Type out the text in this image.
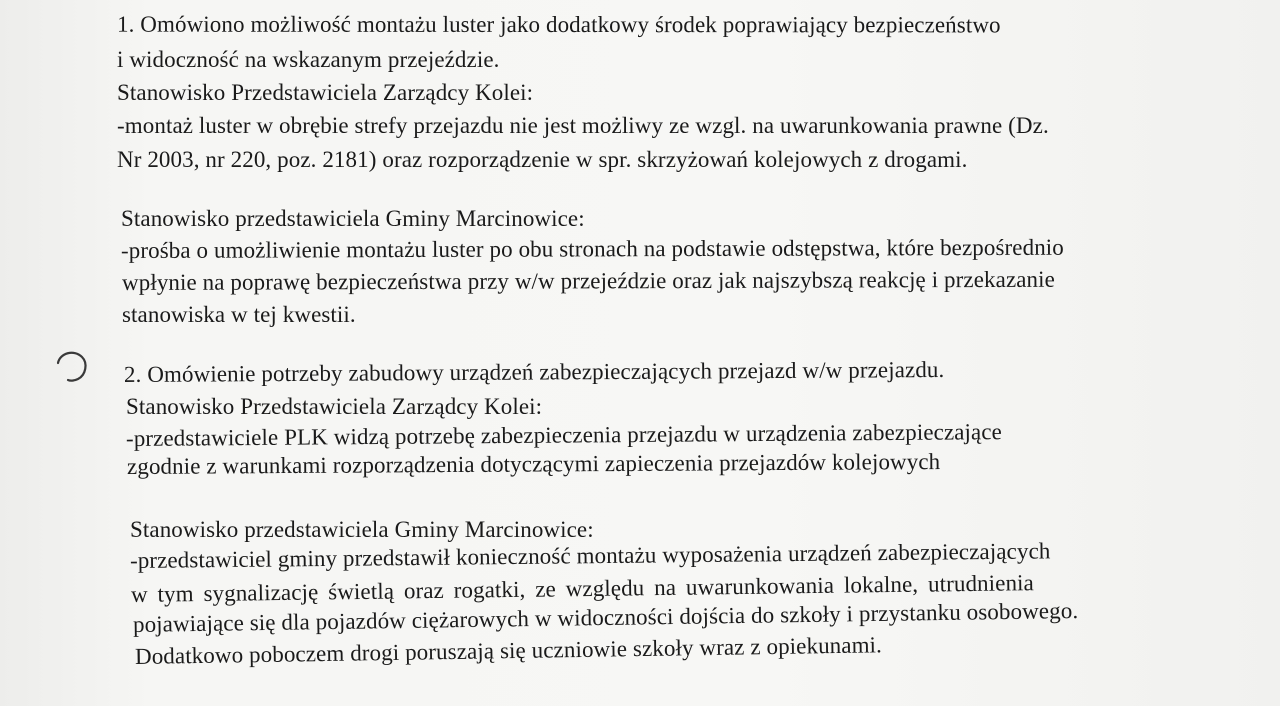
1. Omówiono możliwość montażu luster jako dodatkowy środek poprawiający bezpieczeństwo
i widoczność na wskazanym przejeździe.
Stanowisko Przedstawiciela Zarządcy Kolei:
-montaż luster w obrębie strefy przejazdu nie jest możliwy ze wzgl. na uwarunkowania prawne (Dz.
Nr 2003, nr 220, poz. 2181) oraz rozporządzenie w spr. skrzyżowań kolejowych z drogami.
Stanowisko przedstawiciela Gminy Marcinowice:
-prośba o umożliwienie montażu luster po obu stronach na podstawie odstępstwa, które bezpośrednio
wpłynie na poprawę bezpieczeństwa przy w/w przejeździe oraz jak najszybszą reakcję i przekazanie
stanowiska w tej kwestii.
2. Omówienie potrzeby zabudowy urządzeń zabezpieczających przejazd w/w przejazdu.
Stanowisko Przedstawiciela Zarządcy Kolei:
-przedstawiciele PLK widzą potrzebę zabezpieczenia przejazdu w urządzenia zabezpieczające
zgodnie z warunkami rozporządzenia dotyczącymi zapieczenia przejazdów kolejowych
Stanowisko przedstawiciela Gminy Marcinowice:
-przedstawiciel gminy przedstawił konieczność montażu wyposażenia urządzeń zabezpieczających
w tym sygnalizację świetlą oraz rogatki, ze względu na uwarunkowania lokalne, utrudnienia
pojawiające się dla pojazdów ciężarowych w widoczności dojścia do szkoły i przystanku osobowego.
Dodatkowo poboczem drogi poruszają się uczniowie szkoły wraz z opiekunami.
